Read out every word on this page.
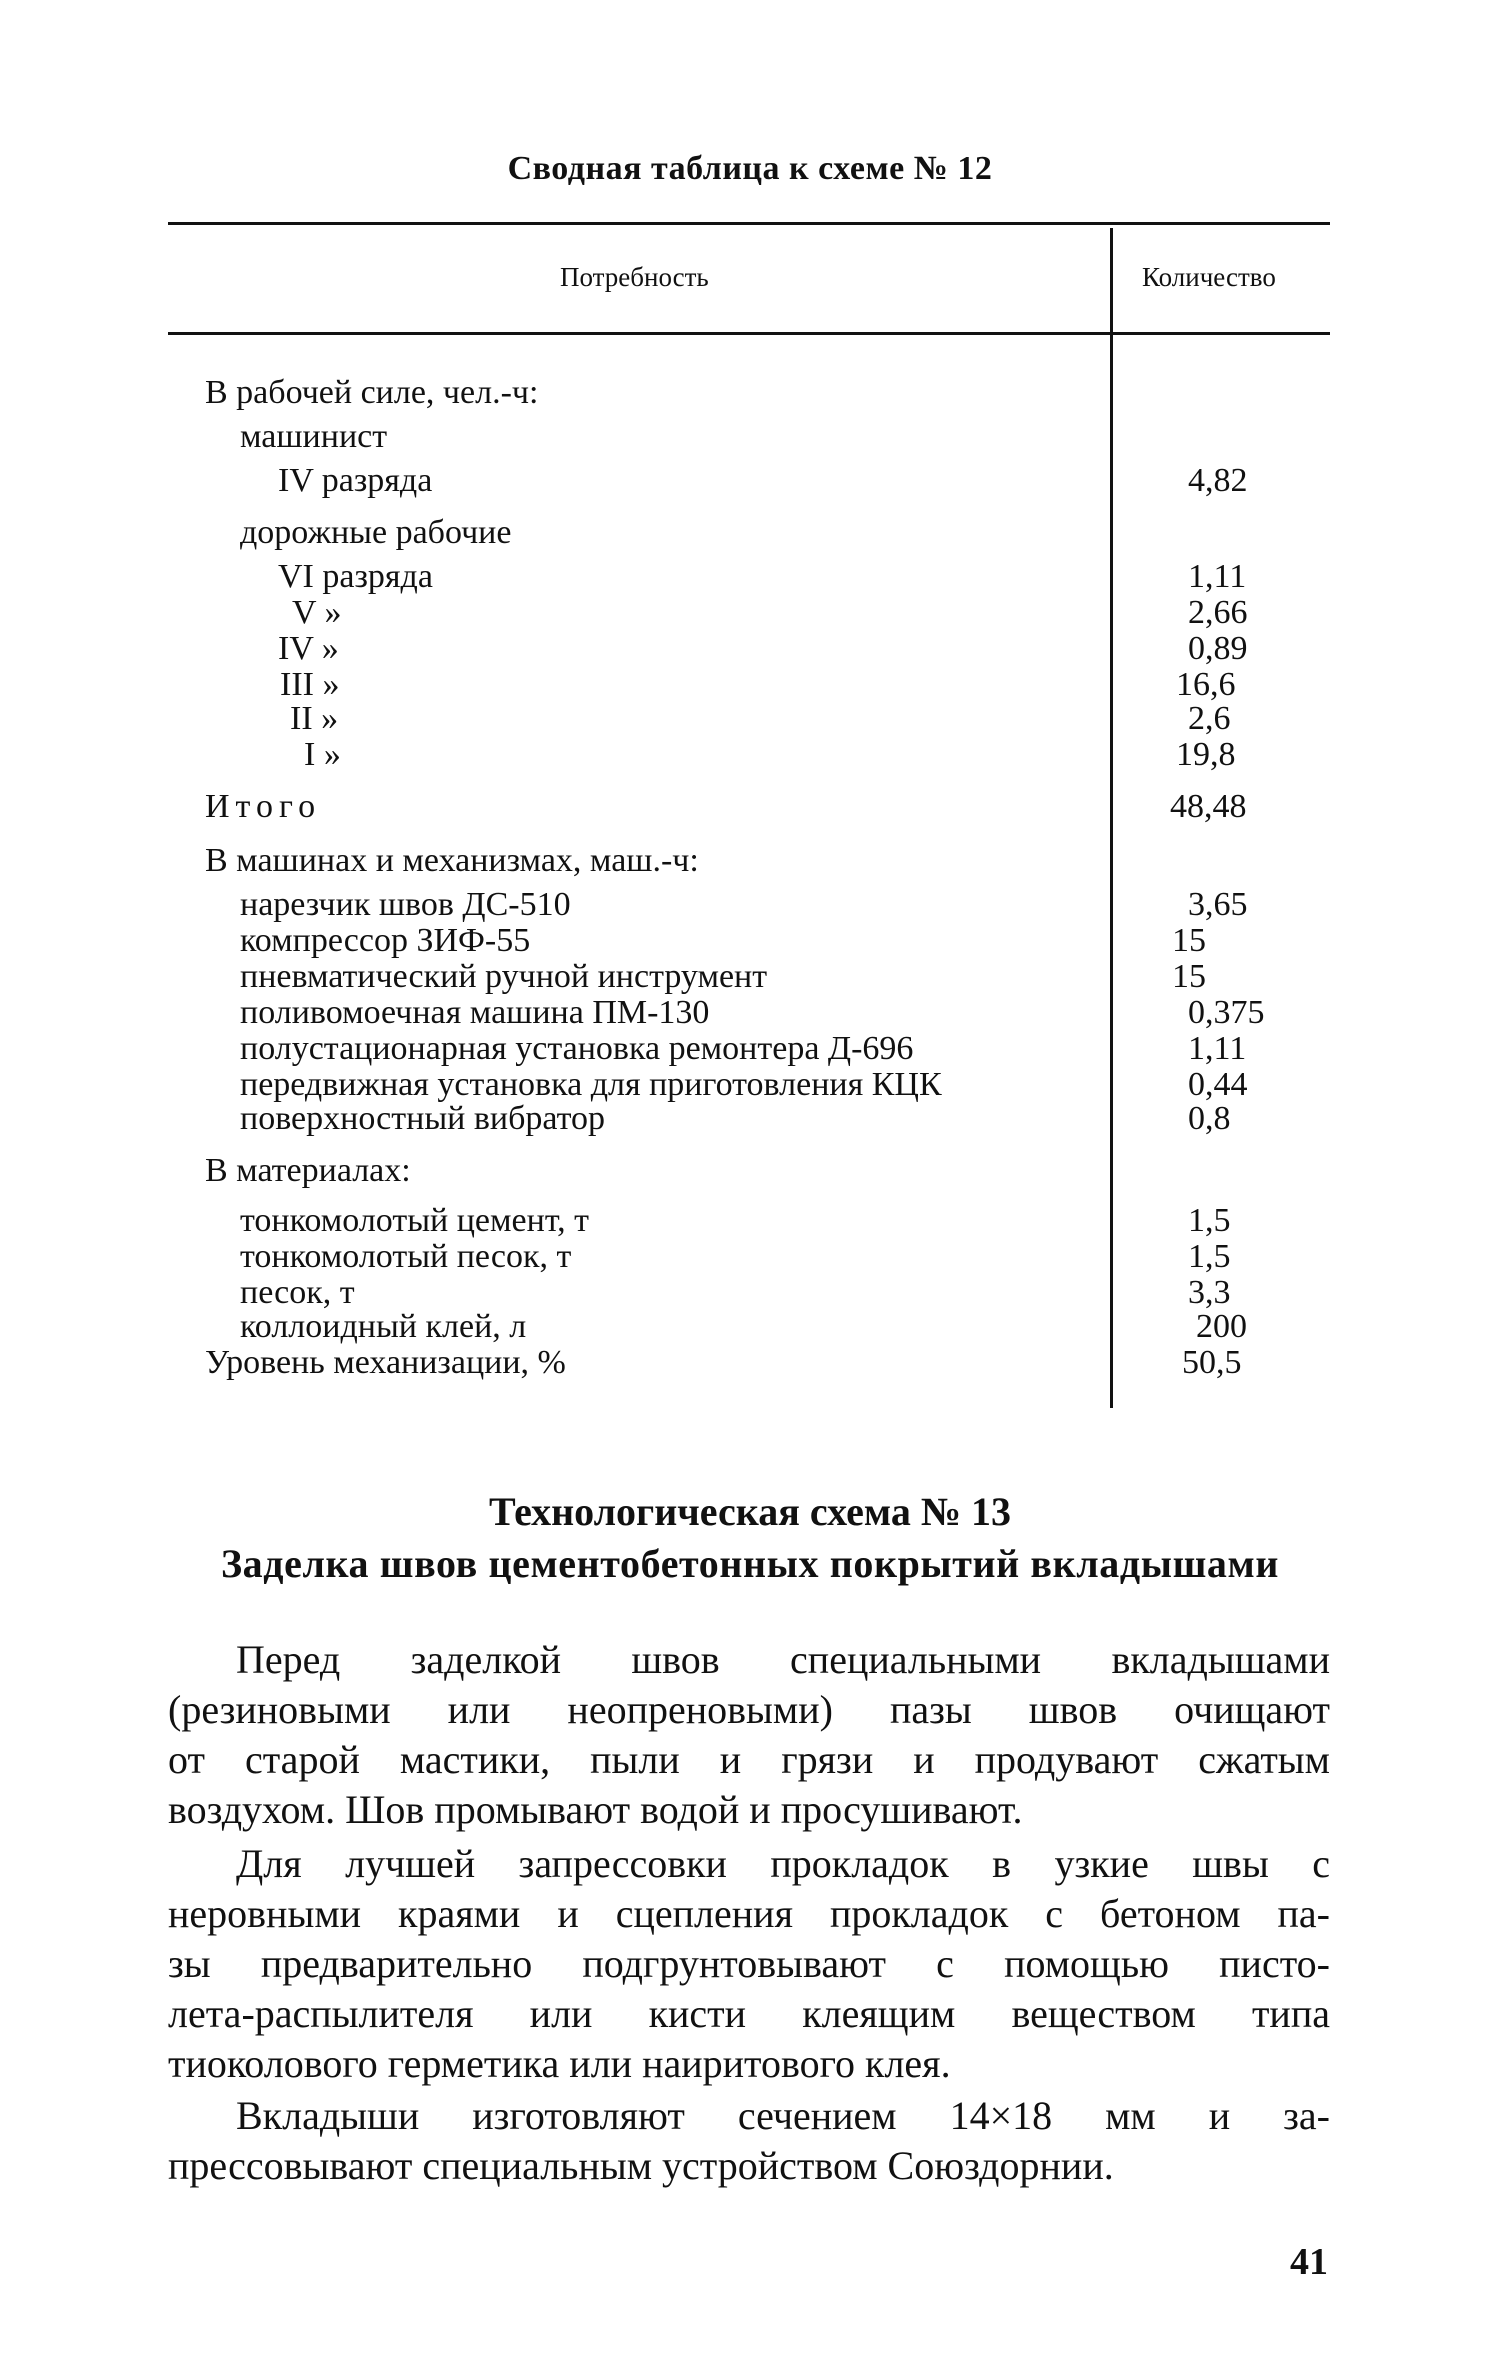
Сводная таблица к схеме № 12
Потребность	Количество
В рабочей силе, чел.-ч:
машинист
IV разряда
дорожные рабочие
VI разряда
V »
IV »
III »
II »
I »
Итого
В машинах и механизмах, маш.-ч:
нарезчик швов ДС-510
компрессор ЗИФ-55
пневматический ручной инструмент
поливомоечная машина ПМ-130
полустационарная установка ремонтера Д-696
передвижная установка для приготовления КЦК
поверхностный вибратор
В материалах:
тонкомолотый цемент, т
тонкомолотый песок, т
песок, т
коллоидный клей, л
Уровень механизации, %
4,82
1,11
2,66
0,89
16,6
2,6
19,8
48,48
3,65
15
15
0,375
1,11
0,44
0,8
1,5
1,5
3,3
200
50,5
Технологическая схема № 13
Заделка швов цементобетонных покрытий вкладышами
Перед заделкой швов специальными вкладышами
(резиновыми или неопреновыми) пазы швов очищают
от старой мастики, пыли и грязи и продувают сжатым
воздухом. Шов промывают водой и просушивают.
Для лучшей запрессовки прокладок в узкие швы с
неровными краями и сцепления прокладок с бетоном па-
зы предварительно подгрунтовывают с помощью писто-
лета-распылителя или кисти клеящим веществом типа
тиоколового герметика или наиритового клея.
Вкладыши изготовляют сечением 14×18 мм и за-
прессовывают специальным устройством Союздорнии.
41
